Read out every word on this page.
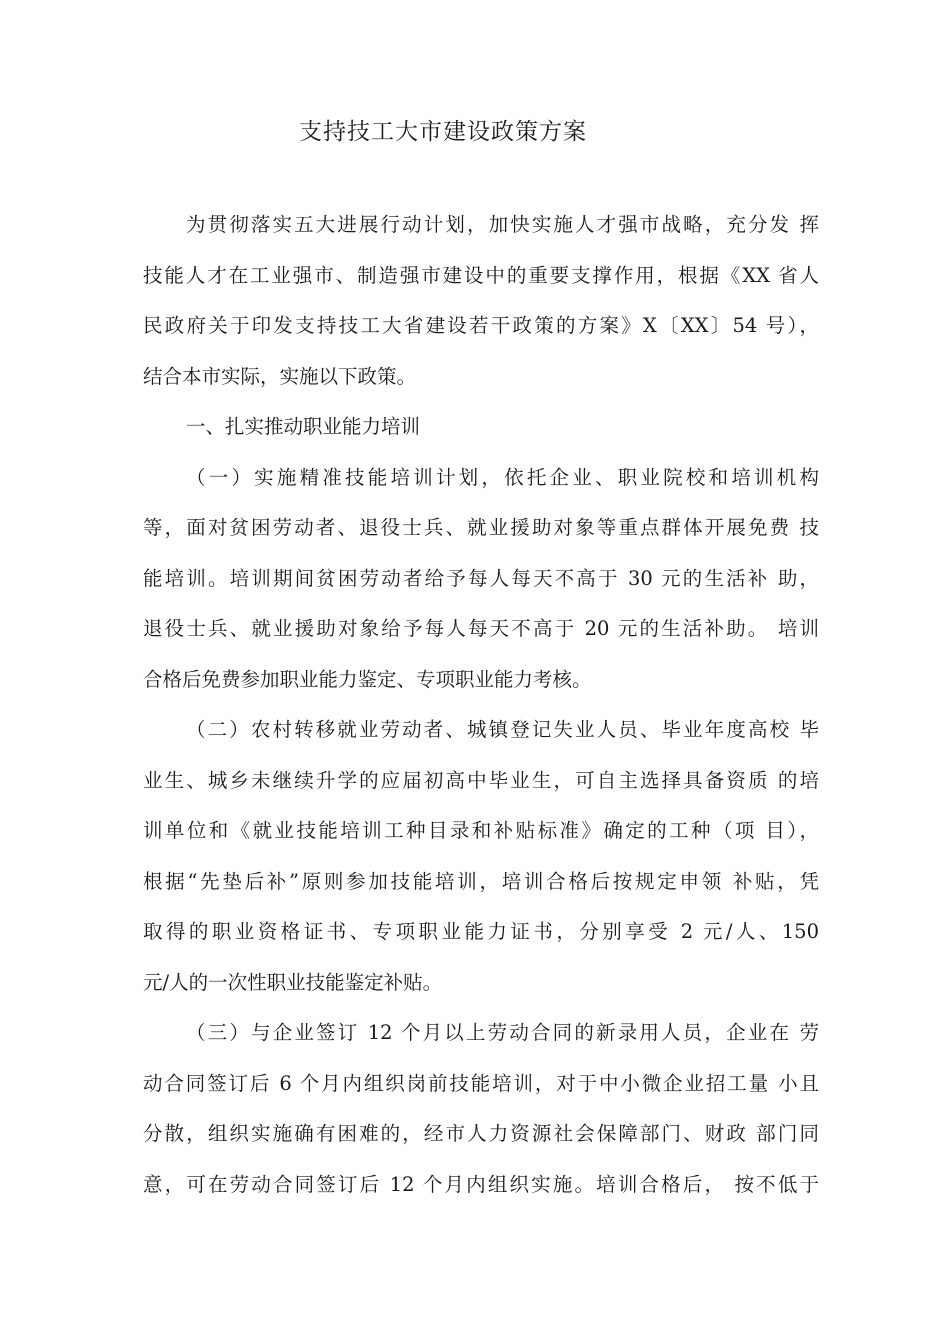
支持技工大市建设政策方案
为贯彻落实五大进展行动计划，加快实施人才强市战略，充分发 挥
技能人才在工业强市、制造强市建设中的重要支撑作用，根据《XX 省人
民政府关于印发支持技工大省建设若干政策的方案》X〔XX〕54 号），
结合本市实际，实施以下政策。
一、扎实推动职业能力培训
（一）实施精准技能培训计划，依托企业、职业院校和培训机构
等，面对贫困劳动者、退役士兵、就业援助对象等重点群体开展免费 技
能培训。培训期间贫困劳动者给予每人每天不高于 30 元的生活补 助，
退役士兵、就业援助对象给予每人每天不高于 20 元的生活补助。 培训
合格后免费参加职业能力鉴定、专项职业能力考核。
（二）农村转移就业劳动者、城镇登记失业人员、毕业年度高校 毕
业生、城乡未继续升学的应届初高中毕业生，可自主选择具备资质 的培
训单位和《就业技能培训工种目录和补贴标准》确定的工种（项 目），
根据“先垫后补”原则参加技能培训，培训合格后按规定申领 补贴，凭
取得的职业资格证书、专项职业能力证书，分别享受 2 元/人、150
元/人的一次性职业技能鉴定补贴。
（三）与企业签订 12 个月以上劳动合同的新录用人员，企业在 劳
动合同签订后 6 个月内组织岗前技能培训，对于中小微企业招工量 小且
分散，组织实施确有困难的，经市人力资源社会保障部门、财政 部门同
意，可在劳动合同签订后 12 个月内组织实施。培训合格后， 按不低于
